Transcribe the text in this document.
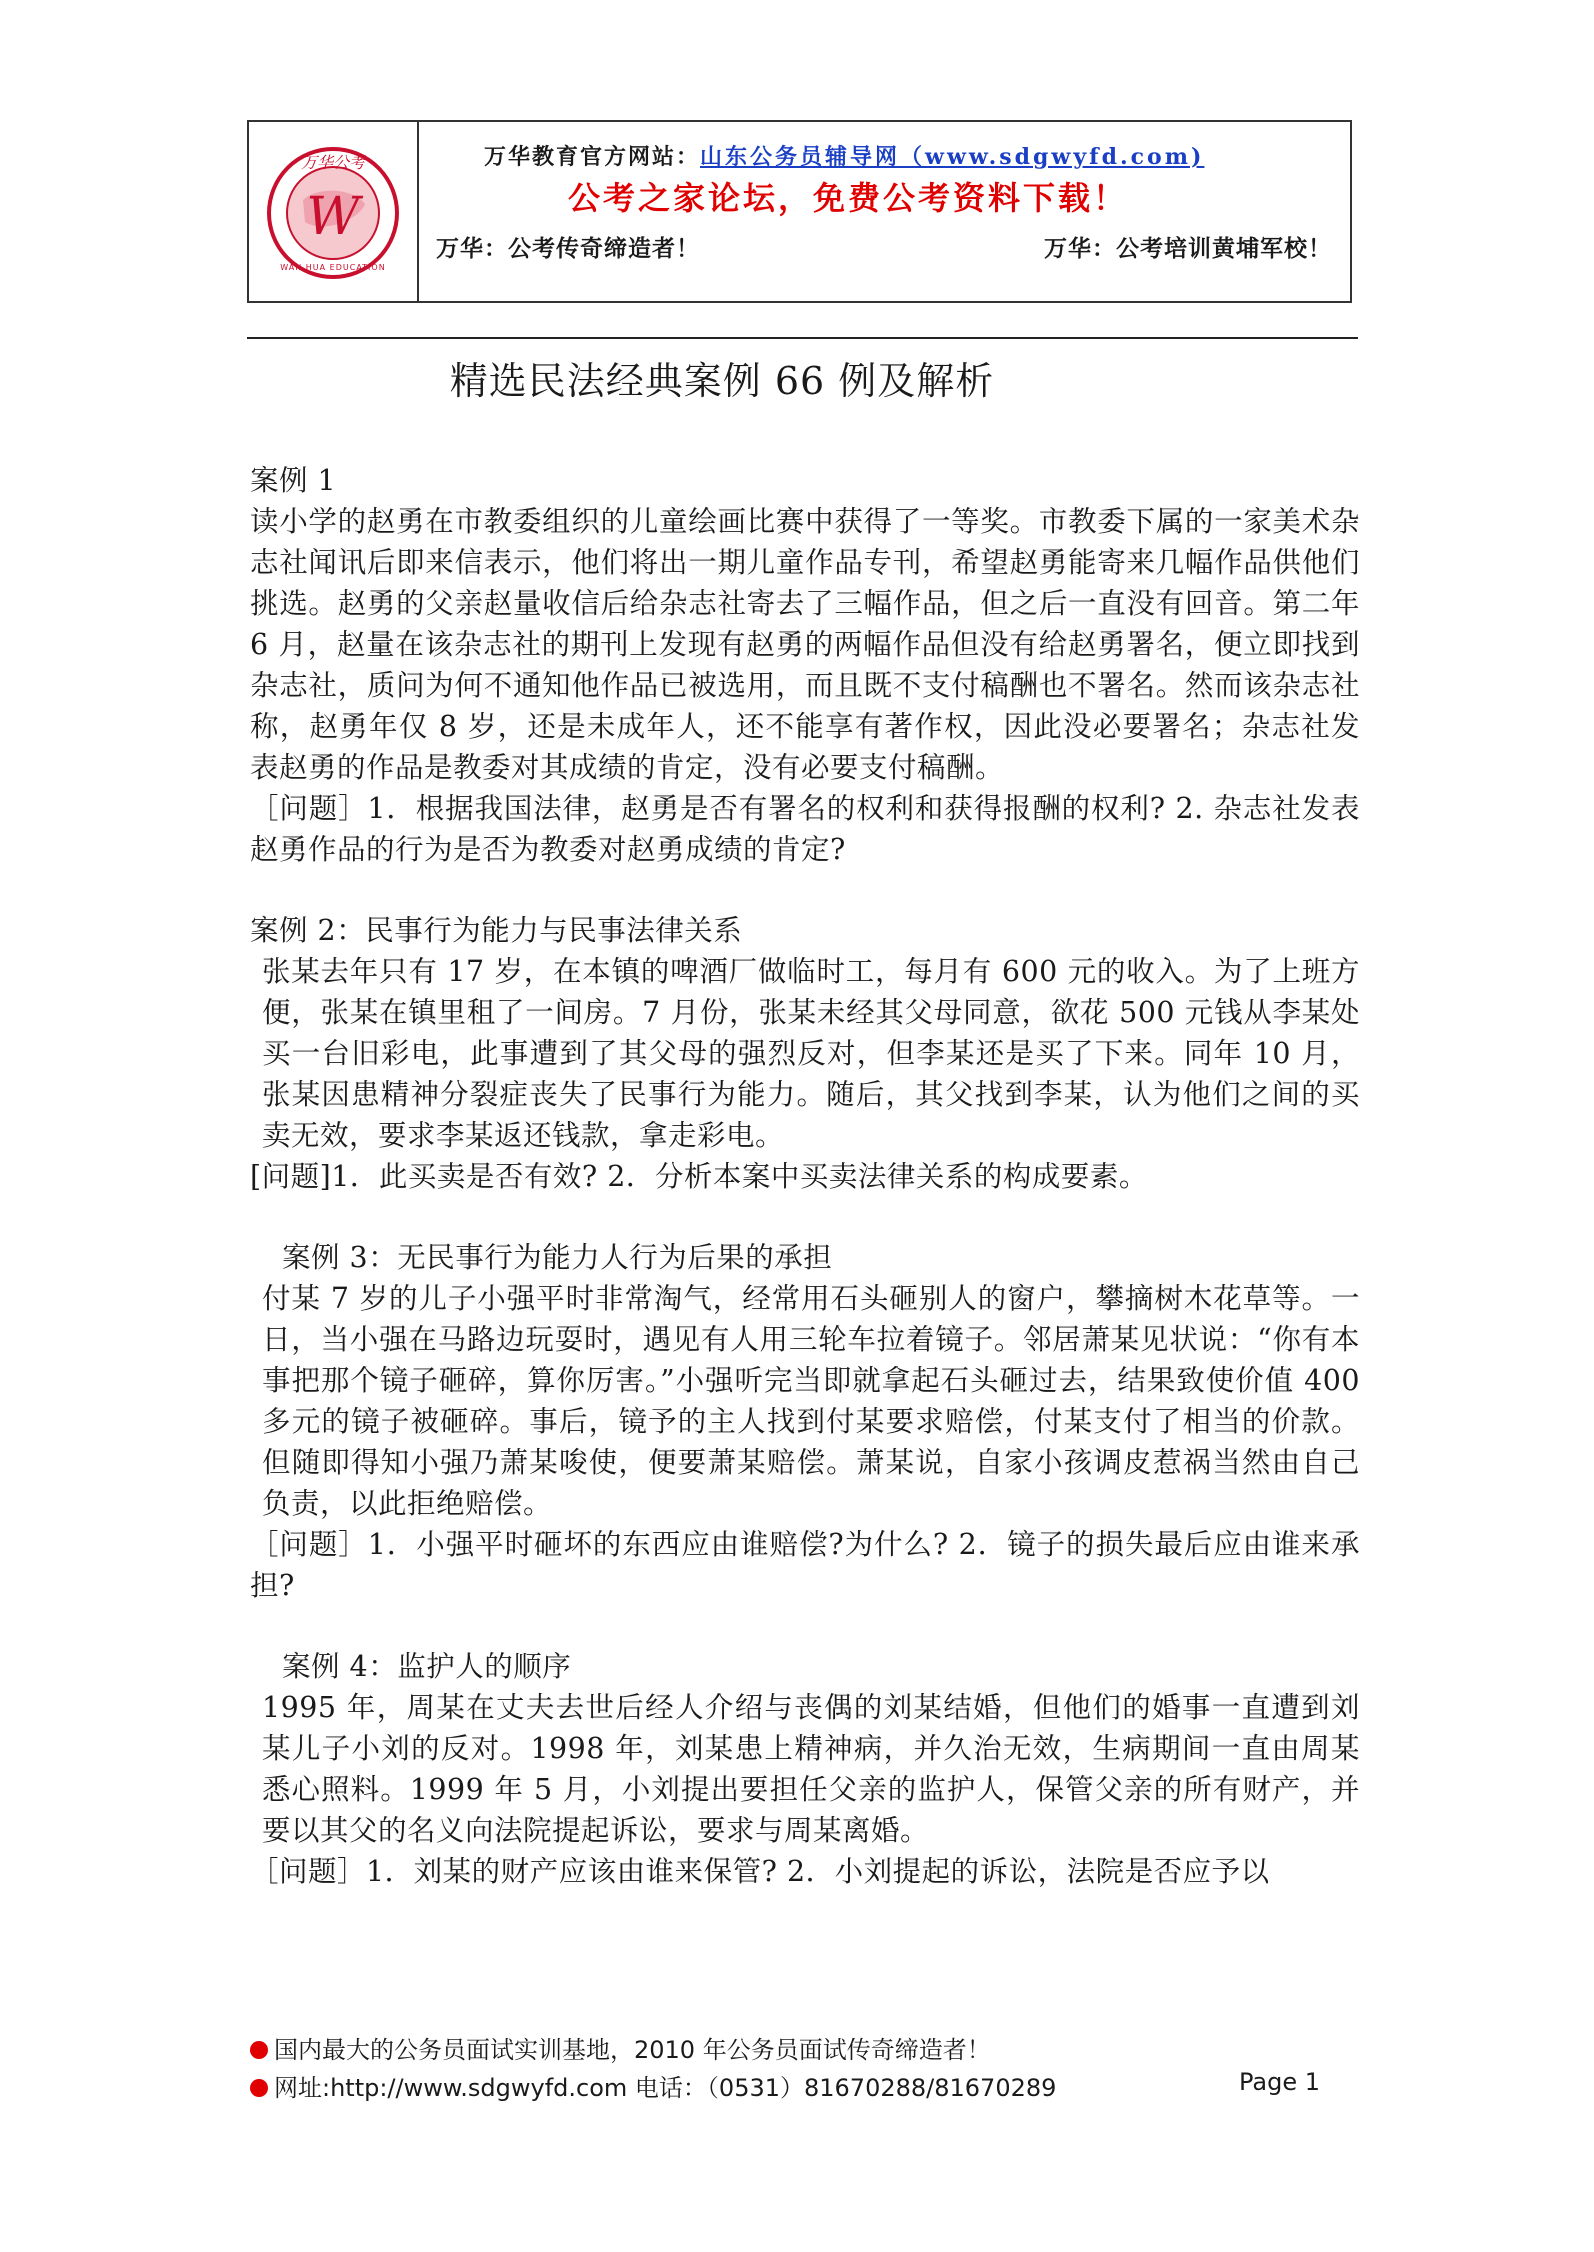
万华公考
W
WAN HUA EDUCATION
万华教育官方网站：山东公务员辅导网（www.sdgwyfd.com)
公考之家论坛，免费公考资料下载！
万华：公考传奇缔造者！	万华：公考培训黄埔军校！
精选民法经典案例 66 例及解析

案例 1

读小学的赵勇在市教委组织的儿童绘画比赛中获得了一等奖。市教委下属的一家美术杂志社闻讯后即来信表示，他们将出一期儿童作品专刊，希望赵勇能寄来几幅作品供他们挑选。赵勇的父亲赵量收信后给杂志社寄去了三幅作品，但之后一直没有回音。第二年 6 月，赵量在该杂志社的期刊上发现有赵勇的两幅作品但没有给赵勇署名，便立即找到杂志社，质问为何不通知他作品已被选用，而且既不支付稿酬也不署名。然而该杂志社称，赵勇年仅 8 岁，还是未成年人，还不能享有著作权，因此没必要署名；杂志社发表赵勇的作品是教委对其成绩的肯定，没有必要支付稿酬。

［问题］1．根据我国法律，赵勇是否有署名的权利和获得报酬的权利? 2. 杂志社发表赵勇作品的行为是否为教委对赵勇成绩的肯定?

案例 2：民事行为能力与民事法律关系

张某去年只有 17 岁，在本镇的啤酒厂做临时工，每月有 600 元的收入。为了上班方便，张某在镇里租了一间房。7 月份，张某未经其父母同意，欲花 500 元钱从李某处买一台旧彩电，此事遭到了其父母的强烈反对，但李某还是买了下来。同年 10 月，张某因患精神分裂症丧失了民事行为能力。随后，其父找到李某，认为他们之间的买卖无效，要求李某返还钱款，拿走彩电。

[问题]1．此买卖是否有效? 2．分析本案中买卖法律关系的构成要素。

案例 3：无民事行为能力人行为后果的承担

付某 7 岁的儿子小强平时非常淘气，经常用石头砸别人的窗户，攀摘树木花草等。一日，当小强在马路边玩耍时，遇见有人用三轮车拉着镜子。邻居萧某见状说：“你有本事把那个镜子砸碎，算你厉害。”小强听完当即就拿起石头砸过去，结果致使价值 400 多元的镜子被砸碎。事后，镜予的主人找到付某要求赔偿，付某支付了相当的价款。但随即得知小强乃萧某唆使，便要萧某赔偿。萧某说，自家小孩调皮惹祸当然由自己负责，以此拒绝赔偿。

［问题］1．小强平时砸坏的东西应由谁赔偿?为什么? 2．镜子的损失最后应由谁来承担?

案例 4：监护人的顺序

1995 年，周某在丈夫去世后经人介绍与丧偶的刘某结婚，但他们的婚事一直遭到刘某儿子小刘的反对。1998 年，刘某患上精神病，并久治无效，生病期间一直由周某悉心照料。1999 年 5 月，小刘提出要担任父亲的监护人，保管父亲的所有财产，并要以其父的名义向法院提起诉讼，要求与周某离婚。

［问题］1．刘某的财产应该由谁来保管? 2．小刘提起的诉讼，法院是否应予以

国内最大的公务员面试实训基地，2010 年公务员面试传奇缔造者！
网址:http://www.sdgwyfd.com 电话：（0531）81670288/81670289	Page 1
